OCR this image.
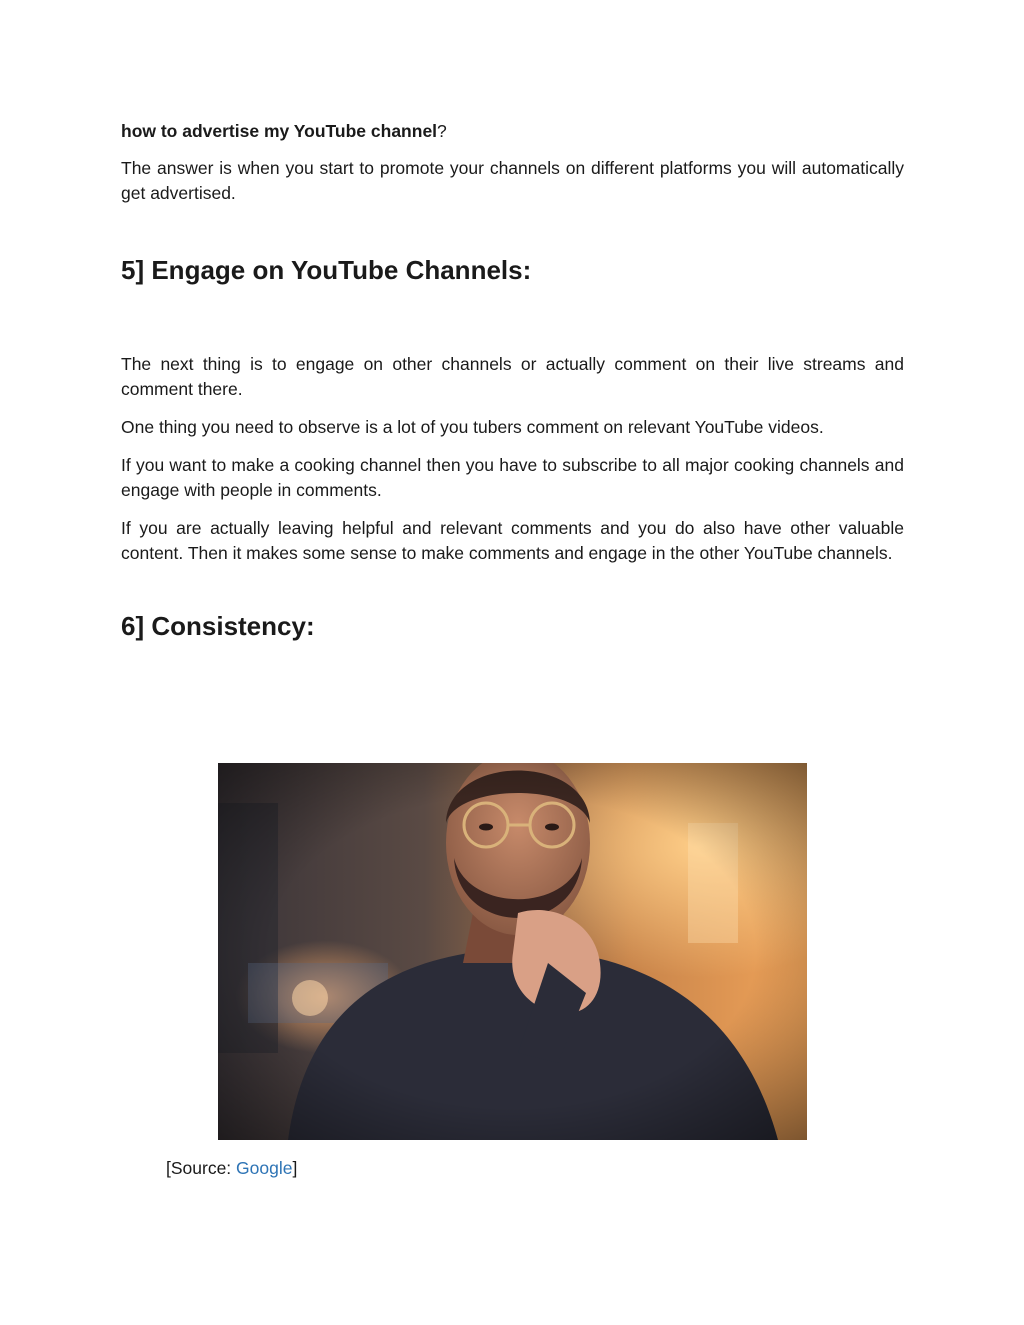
how to advertise my YouTube channel?

The answer is when you start to promote your channels on different platforms you will automatically get advertised.

5] Engage on YouTube Channels:

The next thing is to engage on other channels or actually comment on their live streams and comment there.

One thing you need to observe is a lot of you tubers comment on relevant YouTube videos.

If you want to make a cooking channel then you have to subscribe to all major cooking channels and engage with people in comments.

If you are actually leaving helpful and relevant comments and you do also have other valuable content. Then it makes some sense to make comments and engage in the other YouTube channels.

6] Consistency:
[Source: Google]
